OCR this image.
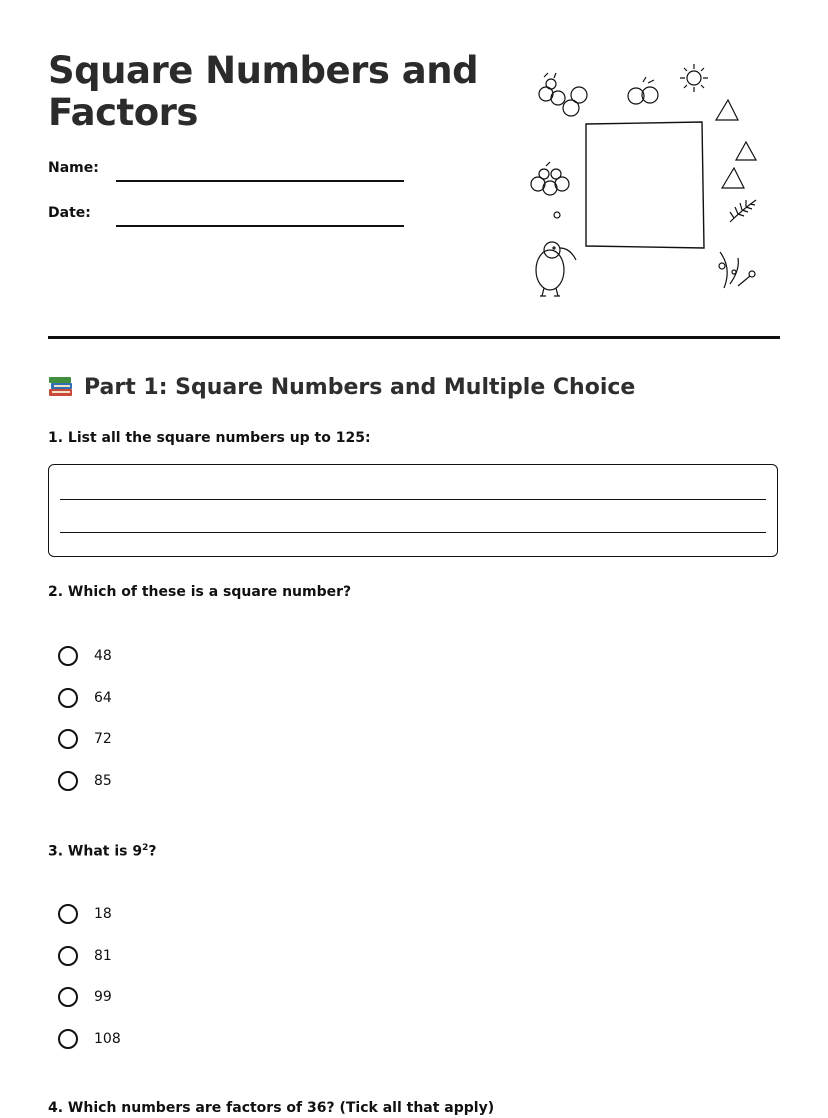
Square Numbers and Factors
Name:
Date:
Part 1: Square Numbers and Multiple Choice

1. List all the square numbers up to 125:

2. Which of these is a square number?

48
64
72
85

3. What is $9^2$?

18
81
99
108

4. Which numbers are factors of 36? (Tick all that apply)
